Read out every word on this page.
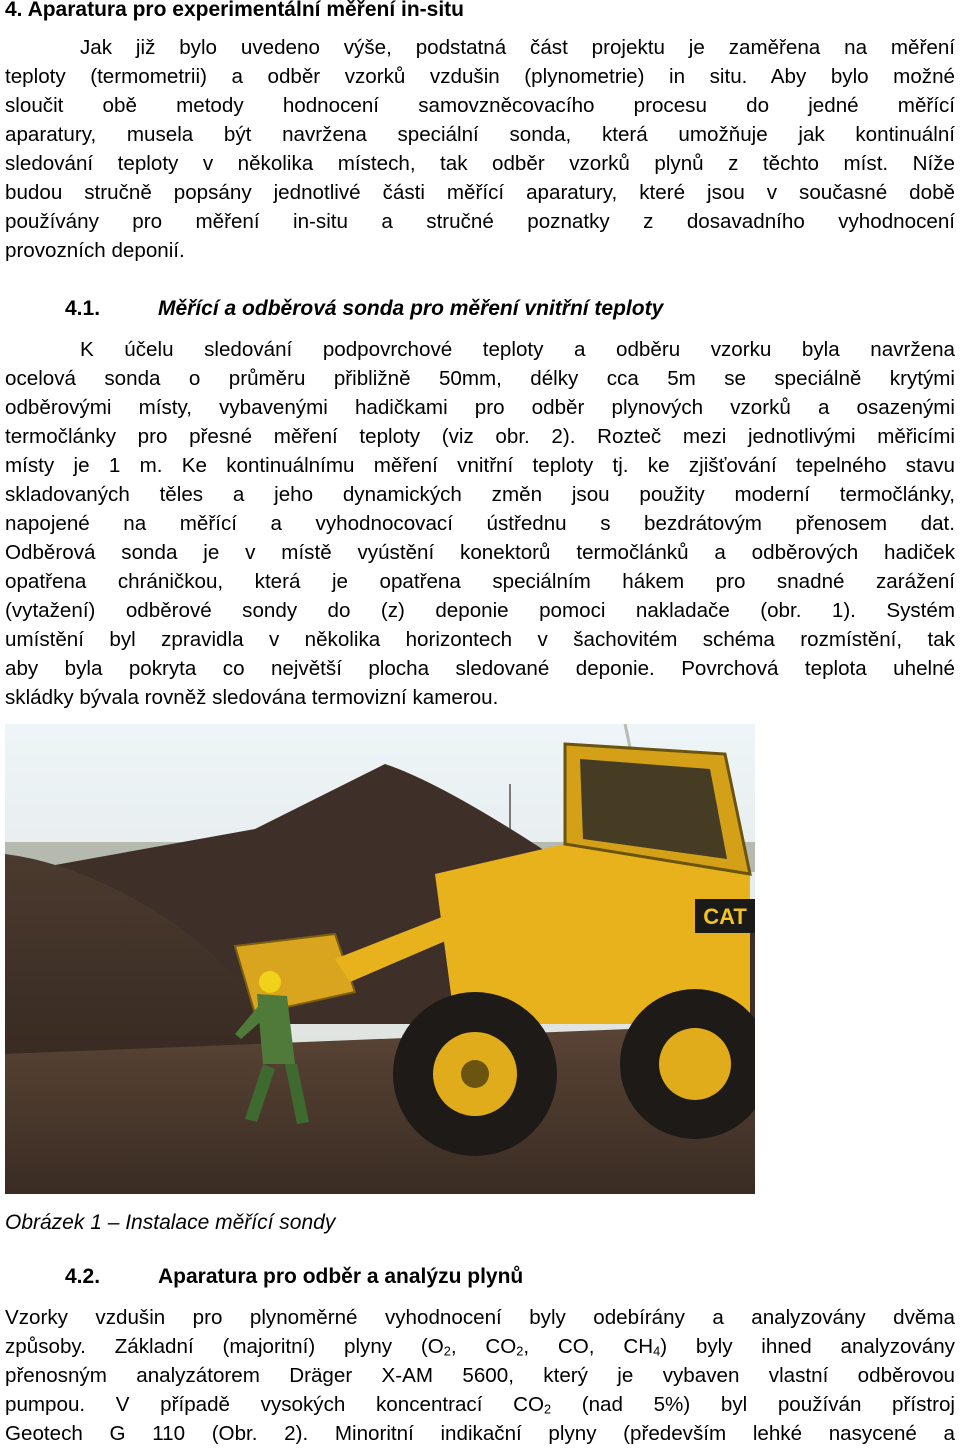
4. Aparatura pro experimentální měření in-situ
Jak již bylo uvedeno výše, podstatná část projektu je zaměřena na měření
teploty (termometrii) a odběr vzorků vzdušin (plynometrie) in situ. Aby bylo možné
sloučit obě metody hodnocení samovzněcovacího procesu do jedné měřící
aparatury, musela být navržena speciální sonda, která umožňuje jak kontinuální
sledování teploty v několika místech, tak odběr vzorků plynů z těchto míst. Níže
budou stručně popsány jednotlivé části měřící aparatury, které jsou v současné době
používány pro měření in-situ a stručné poznatky z dosavadního vyhodnocení
provozních deponií.
4.1.	Měřící a odběrová sonda pro měření vnitřní teploty
K účelu sledování podpovrchové teploty a odběru vzorku byla navržena
ocelová sonda o průměru přibližně 50mm, délky cca 5m se speciálně krytými
odběrovými místy, vybavenými hadičkami pro odběr plynových vzorků a osazenými
termočlánky pro přesné měření teploty (viz obr. 2). Rozteč mezi jednotlivými měřicími
místy je 1 m. Ke kontinuálnímu měření vnitřní teploty tj. ke zjišťování tepelného stavu
skladovaných těles a jeho dynamických změn jsou použity moderní termočlánky,
napojené na měřící a vyhodnocovací ústřednu s bezdrátovým přenosem dat.
Odběrová sonda je v místě vyústění konektorů termočlánků a odběrových hadiček
opatřena chráničkou, která je opatřena speciálním hákem pro snadné zarážení
(vytažení) odběrové sondy do (z) deponie pomoci nakladače (obr. 1). Systém
umístění byl zpravidla v několika horizontech v šachovitém schéma rozmístění, tak
aby byla pokryta co největší plocha sledované deponie. Povrchová teplota uhelné
skládky bývala rovněž sledována termovizní kamerou.
CAT
Obrázek 1 – Instalace měřící sondy
4.2.	Aparatura pro odběr a analýzu plynů
Vzorky vzdušin pro plynoměrné vyhodnocení byly odebírány a analyzovány dvěma
způsoby. Základní (majoritní) plyny ($O_2$, $CO_2$, CO, $CH_4$) byly ihned analyzovány
přenosným analyzátorem Dräger X-AM 5600, který je vybaven vlastní odběrovou
pumpou. V případě vysokých koncentrací $CO_2$ (nad 5%) byl používán přístroj
Geotech G 110 (Obr. 2). Minoritní indikační plyny (především lehké nasycené a
